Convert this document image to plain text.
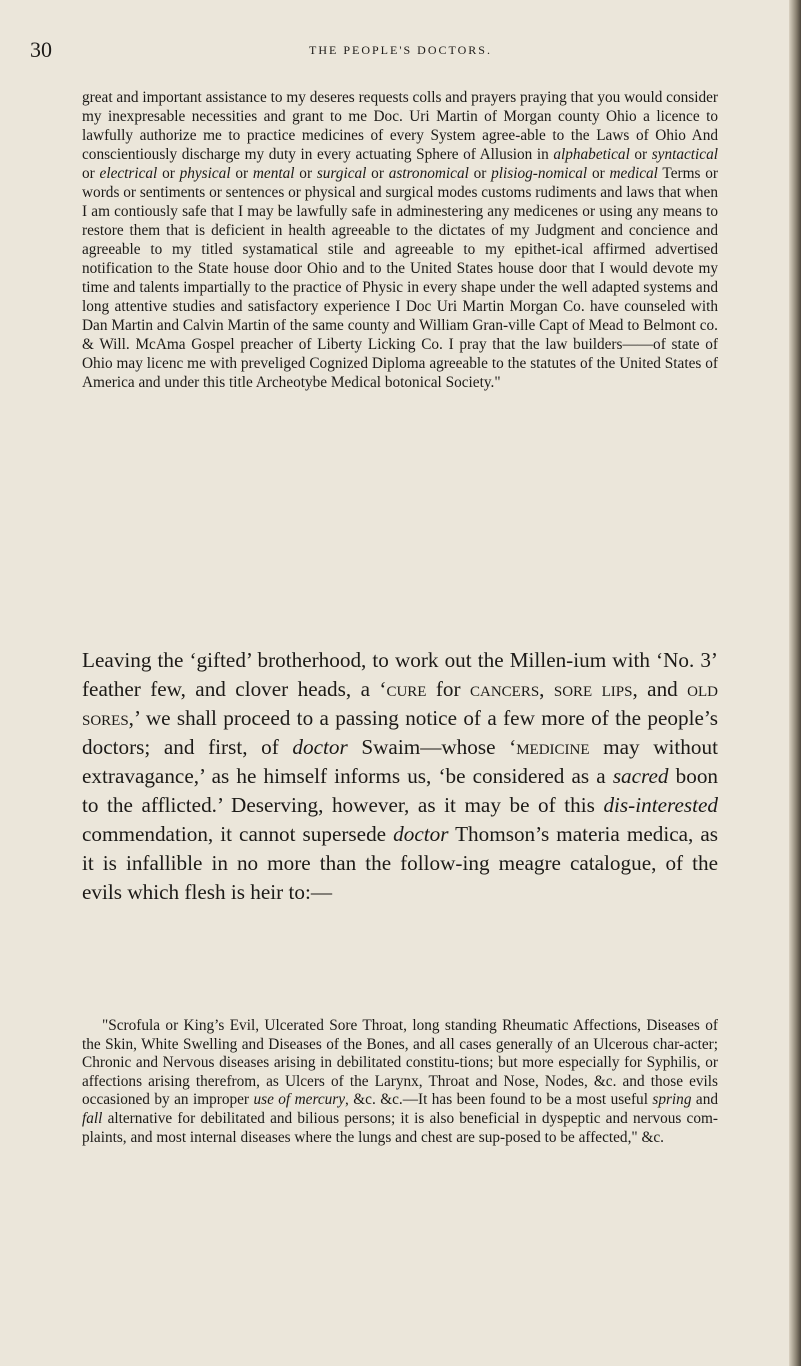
30	THE PEOPLE'S DOCTORS.

great and important assistance to my deseres requests colls and prayers praying that you would consider my inexpresable necessities and grant to me Doc. Uri Martin of Morgan county Ohio a licence to lawfully authorize me to practice medicines of every System agree-able to the Laws of Ohio And conscientiously discharge my duty in every actuating Sphere of Allusion in alphabetical or syntactical or electrical or physical or mental or surgical or astronomical or plisiog-nomical or medical Terms or words or sentiments or sentences or physical and surgical modes customs rudiments and laws that when I am contiously safe that I may be lawfully safe in adminestering any medicenes or using any means to restore them that is deficient in health agreeable to the dictates of my Judgment and concience and agreeable to my titled systamatical stile and agreeable to my epithet-ical affirmed advertised notification to the State house door Ohio and to the United States house door that I would devote my time and talents impartially to the practice of Physic in every shape under the well adapted systems and long attentive studies and satisfactory experience I Doc Uri Martin Morgan Co. have counseled with Dan Martin and Calvin Martin of the same county and William Gran-ville Capt of Mead to Belmont co. & Will. McAma Gospel preacher of Liberty Licking Co. I pray that the law builders——of state of Ohio may licenc me with preveliged Cognized Diploma agreeable to the statutes of the United States of America and under this title Archeotybe Medical botonical Society."

Leaving the ‘gifted’ brotherhood, to work out the Millen-ium with ‘No. 3’ feather few, and clover heads, a ‘cure for cancers, sore lips, and old sores,’ we shall proceed to a passing notice of a few more of the people’s doctors; and first, of doctor Swaim—whose ‘medicine may without extravagance,’ as he himself informs us, ‘be considered as a sacred boon to the afflicted.’ Deserving, however, as it may be of this dis-interested commendation, it cannot supersede doctor Thomson’s materia medica, as it is infallible in no more than the follow-ing meagre catalogue, of the evils which flesh is heir to:—

"Scrofula or King’s Evil, Ulcerated Sore Throat, long standing Rheumatic Affections, Diseases of the Skin, White Swelling and Diseases of the Bones, and all cases generally of an Ulcerous char-acter; Chronic and Nervous diseases arising in debilitated constitu-tions; but more especially for Syphilis, or affections arising therefrom, as Ulcers of the Larynx, Throat and Nose, Nodes, &c. and those evils occasioned by an improper use of mercury, &c. &c.—It has been found to be a most useful spring and fall alternative for debilitated and bilious persons; it is also beneficial in dyspeptic and nervous com-plaints, and most internal diseases where the lungs and chest are sup-posed to be affected," &c.
